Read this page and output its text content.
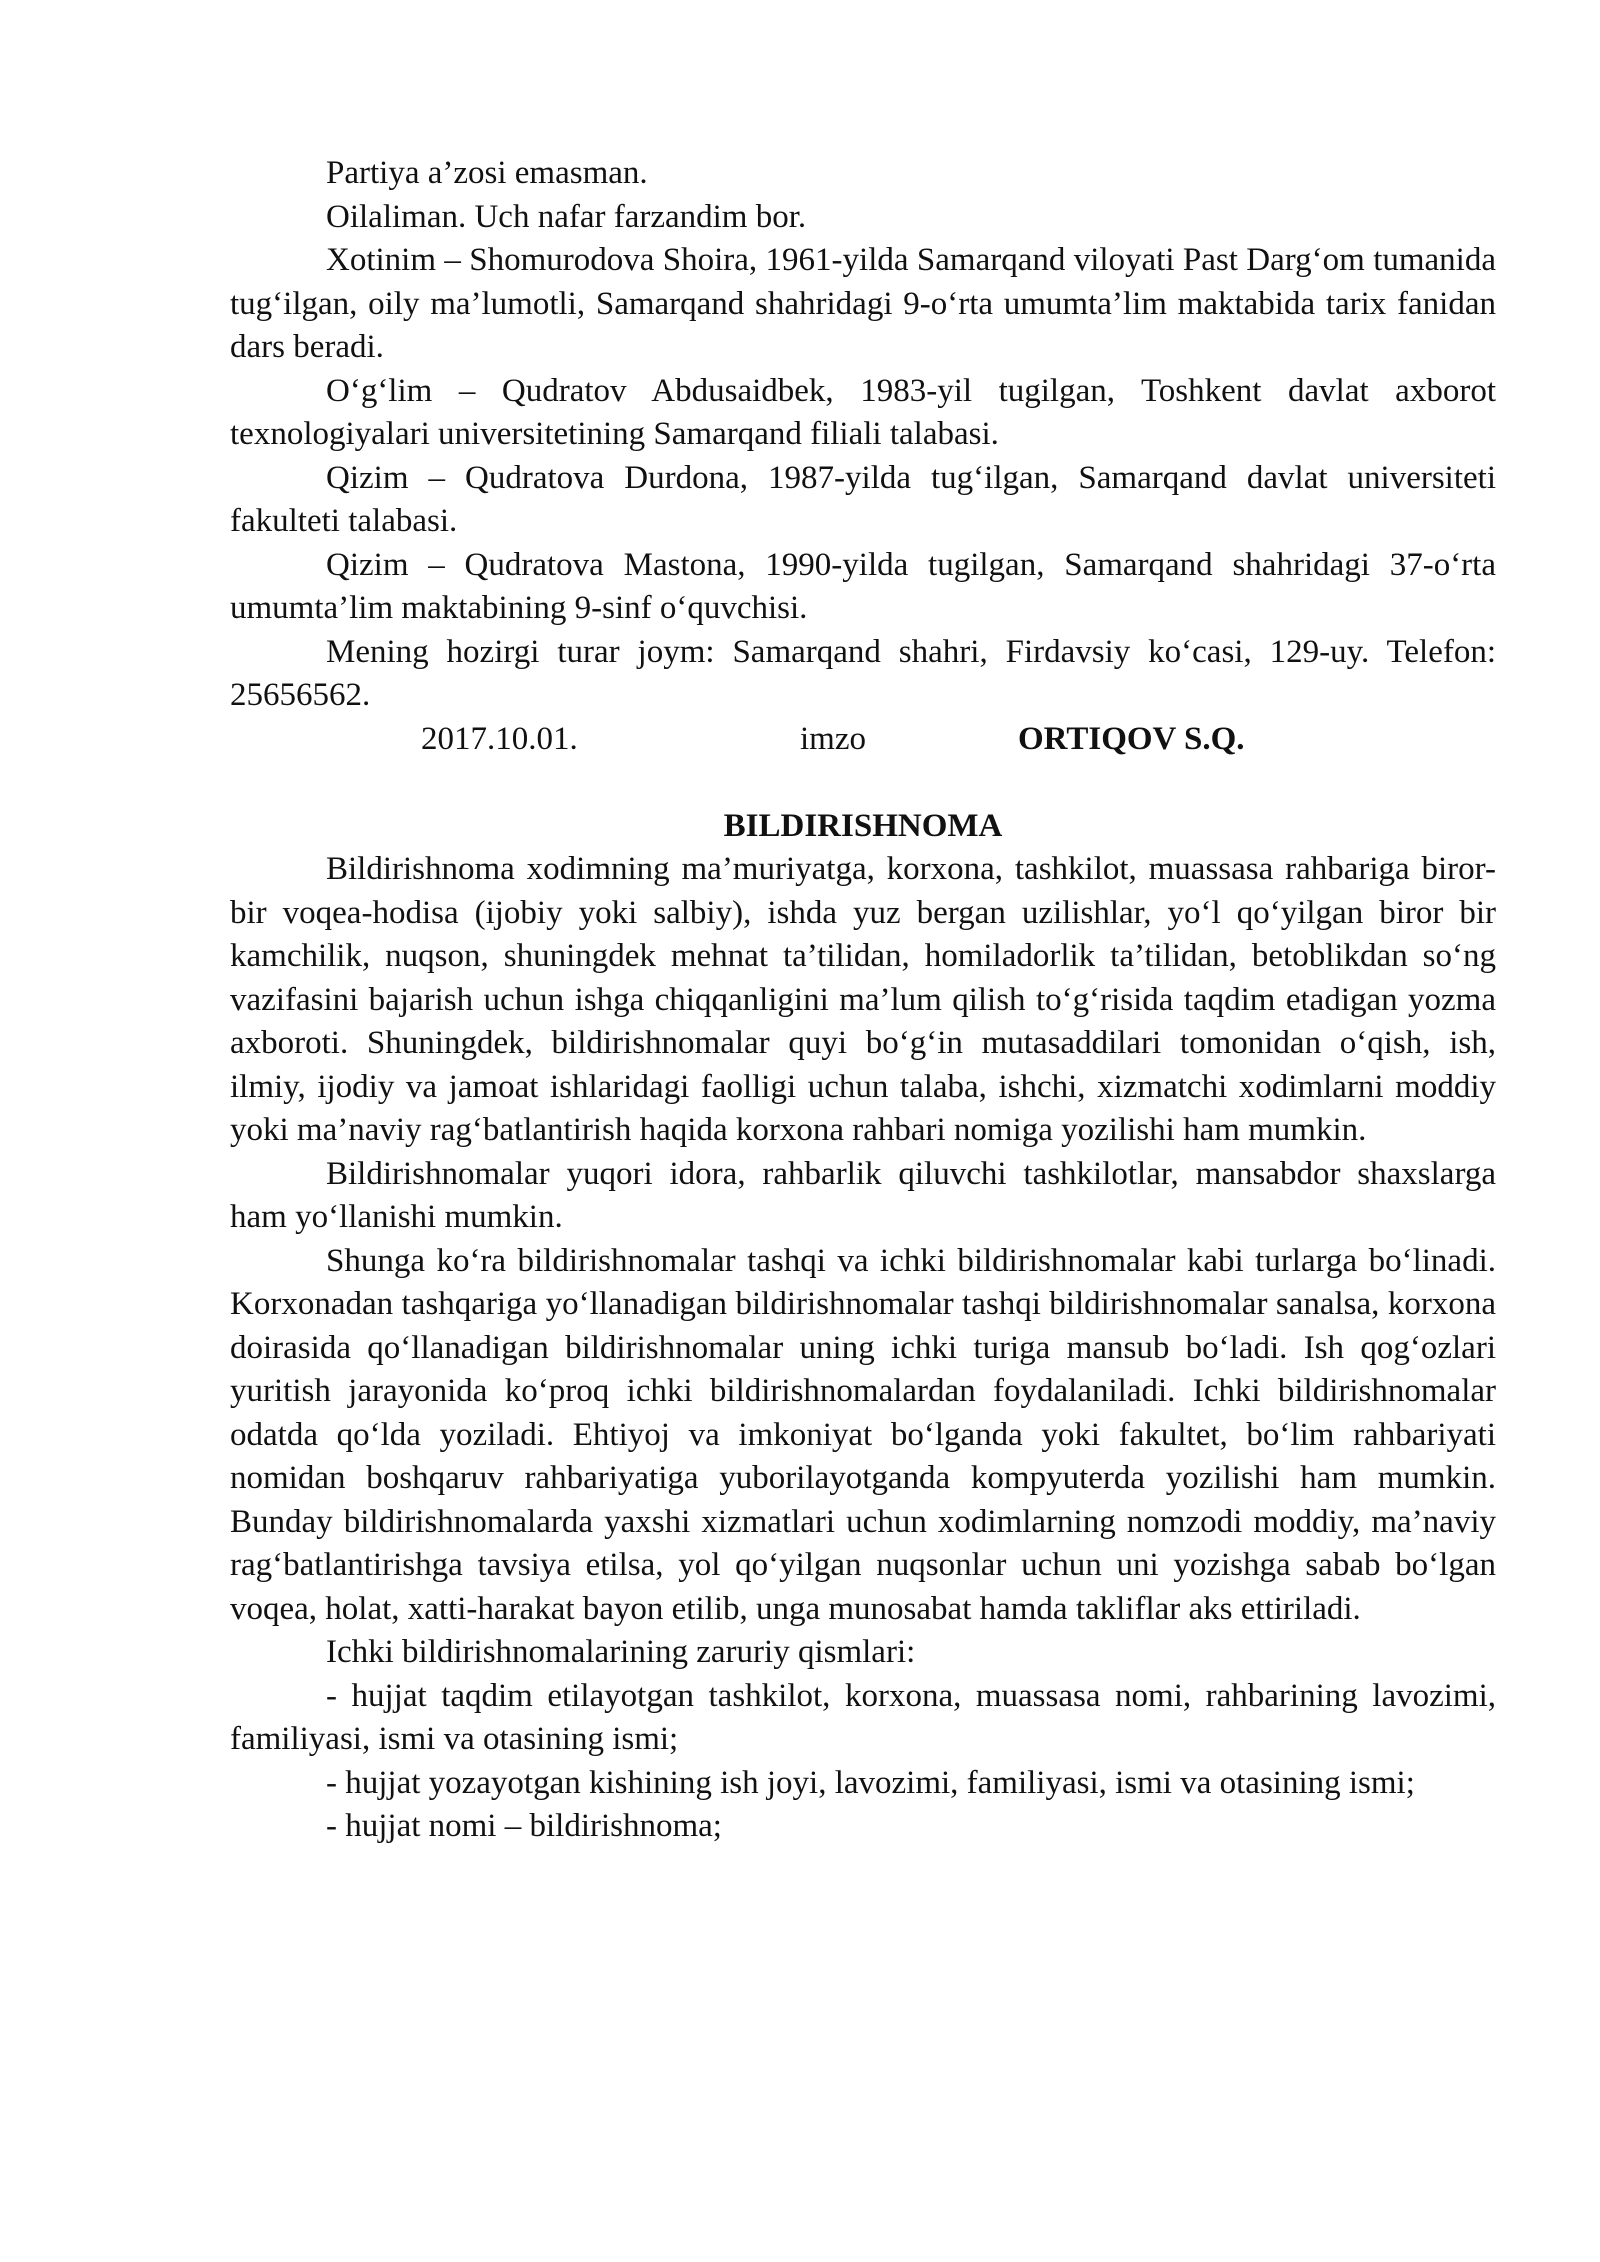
Partiya a’zosi emasman.

Oilaliman. Uch nafar farzandim bor.

Xotinim – Shomurodova Shoira, 1961-yilda Samarqand viloyati Past Darg‘om tumanida tug‘ilgan, oily ma’lumotli, Samarqand shahridagi 9-o‘rta umumta’lim maktabida tarix fanidan dars beradi.

O‘g‘lim – Qudratov Abdusaidbek, 1983-yil tugilgan, Toshkent davlat axborot texnologiyalari universitetining Samarqand filiali talabasi.

Qizim – Qudratova Durdona, 1987-yilda tug‘ilgan, Samarqand davlat universiteti fakulteti talabasi.

Qizim – Qudratova Mastona, 1990-yilda tugilgan, Samarqand shahridagi 37-o‘rta umumta’lim maktabining 9-sinf o‘quvchisi.

Mening hozirgi turar joym: Samarqand shahri, Firdavsiy ko‘casi, 129-uy. Telefon: 25656562.

2017.10.01.	imzo	ORTIQOV S.Q.
BILDIRISHNOMA

Bildirishnoma xodimning ma’muriyatga, korxona, tashkilot, muassasa rahbariga biror-bir voqea-hodisa (ijobiy yoki salbiy), ishda yuz bergan uzilishlar, yo‘l qo‘yilgan biror bir kamchilik, nuqson, shuningdek mehnat ta’tilidan, homiladorlik ta’tilidan, betoblikdan so‘ng vazifasini bajarish uchun ishga chiqqanligini ma’lum qilish to‘g‘risida taqdim etadigan yozma axboroti. Shuningdek, bildirishnomalar quyi bo‘g‘in mutasaddilari tomonidan o‘qish, ish, ilmiy, ijodiy va jamoat ishlaridagi faolligi uchun talaba, ishchi, xizmatchi xodimlarni moddiy yoki ma’naviy rag‘batlantirish haqida korxona rahbari nomiga yozilishi ham mumkin.

Bildirishnomalar yuqori idora, rahbarlik qiluvchi tashkilotlar, mansabdor shaxslarga ham yo‘llanishi mumkin.

Shunga ko‘ra bildirishnomalar tashqi va ichki bildirishnomalar kabi turlarga bo‘linadi. Korxonadan tashqariga yo‘llanadigan bildirishnomalar tashqi bildirishnomalar sanalsa, korxona doirasida qo‘llanadigan bildirishnomalar uning ichki turiga mansub bo‘ladi. Ish qog‘ozlari yuritish jarayonida ko‘proq ichki bildirishnomalardan foydalaniladi. Ichki bildirishnomalar odatda qo‘lda yoziladi. Ehtiyoj va imkoniyat bo‘lganda yoki fakultet, bo‘lim rahbariyati nomidan boshqaruv rahbariyatiga yuborilayotganda kompyuterda yozilishi ham mumkin. Bunday bildirishnomalarda yaxshi xizmatlari uchun xodimlarning nomzodi moddiy, ma’naviy rag‘batlantirishga tavsiya etilsa, yol qo‘yilgan nuqsonlar uchun uni yozishga sabab bo‘lgan voqea, holat, xatti-harakat bayon etilib, unga munosabat hamda takliflar aks ettiriladi.

Ichki bildirishnomalarining zaruriy qismlari:

- hujjat taqdim etilayotgan tashkilot, korxona, muassasa nomi, rahbarining lavozimi, familiyasi, ismi va otasining ismi;

- hujjat yozayotgan kishining ish joyi, lavozimi, familiyasi, ismi va otasining ismi;

- hujjat nomi – bildirishnoma;
